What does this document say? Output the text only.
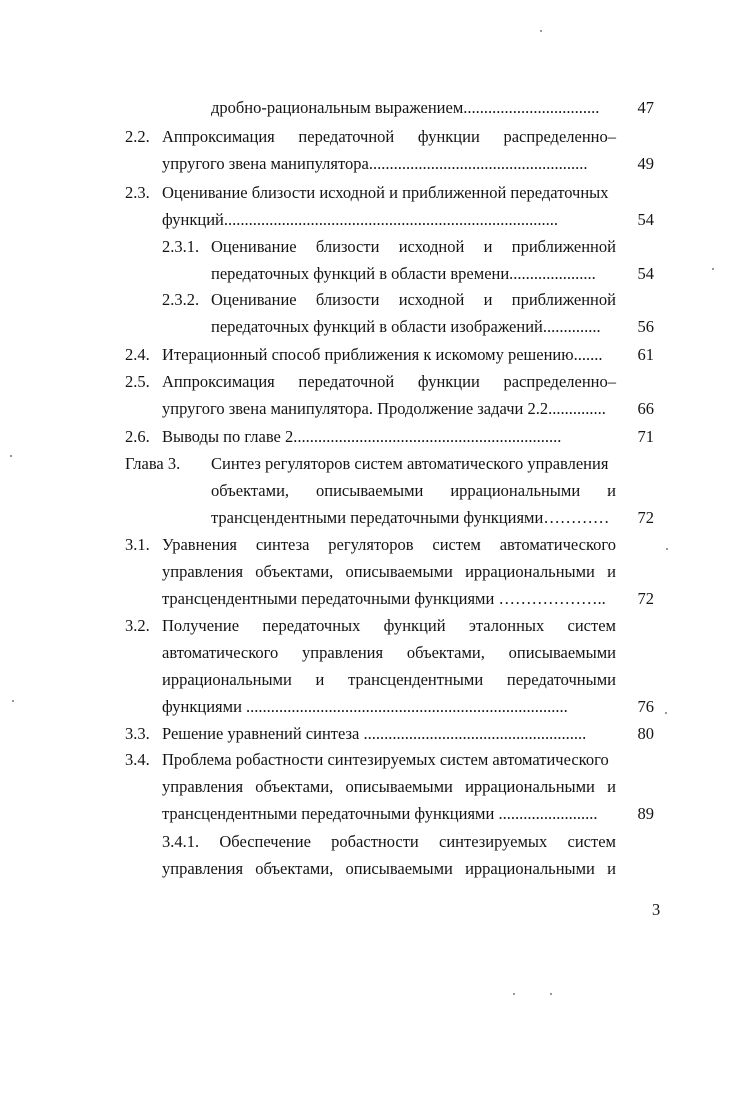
дробно-рациональным выражением.................................	47
2.2. Аппроксимация передаточной функции распределенно–
упругого звена манипулятора.....................................................	49
2.3. Оценивание близости исходной и приближенной передаточных
функций.................................................................................	54
2.3.1. Оценивание близости исходной и приближенной
передаточных функций в области времени.....................	54
2.3.2. Оценивание близости исходной и приближенной
передаточных функций в области изображений..............	56
2.4. Итерационный способ приближения к искомому решению.......	61
2.5. Аппроксимация передаточной функции распределенно–
упругого звена манипулятора. Продолжение задачи 2.2..............	66
2.6. Выводы по главе 2.................................................................	71
Глава 3. Синтез регуляторов систем автоматического управления
объектами, описываемыми иррациональными и
трансцендентными передаточными функциями…………	72
3.1. Уравнения синтеза регуляторов систем автоматического
управления объектами, описываемыми иррациональными и
трансцендентными передаточными функциями ………………..	72
3.2. Получение передаточных функций эталонных систем
автоматического управления объектами, описываемыми
иррациональными и трансцендентными передаточными
функциями ..............................................................................	76
3.3. Решение уравнений синтеза ......................................................	80
3.4. Проблема робастности синтезируемых систем автоматического
управления объектами, описываемыми иррациональными и
трансцендентными передаточными функциями ........................	89
3.4.1. Обеспечение робастности синтезируемых систем
управления объектами, описываемыми иррациональными и
3
